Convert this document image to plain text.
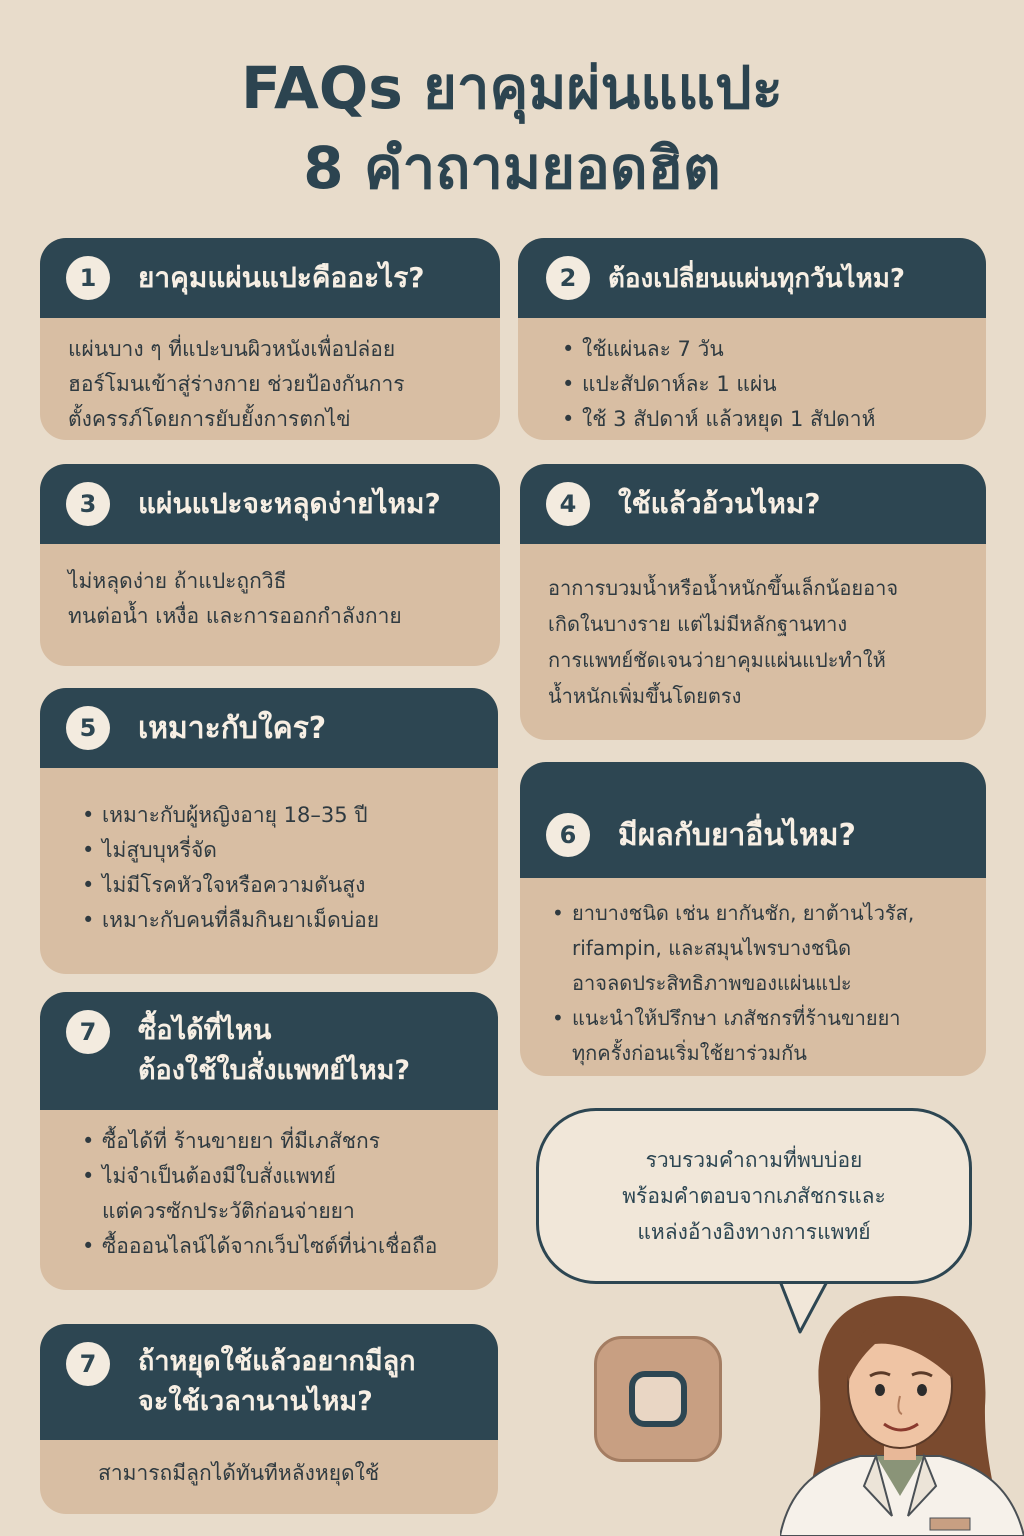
FAQs ยาคุมผ่นแแปะ
8 คำถามยอดฮิต
1	ยาคุมแผ่นแปะคืออะไร?
แผ่นบาง ๆ ที่แปะบนผิวหนังเพื่อปล่อย
ฮอร์โมนเข้าสู่ร่างกาย ช่วยป้องกันการ
ตั้งครรภ์โดยการยับยั้งการตกไข่
2	ต้องเปลี่ยนแผ่นทุกวันไหม?
• ใช้แผ่นละ 7 วัน
• แปะสัปดาห์ละ 1 แผ่น
• ใช้ 3 สัปดาห์ แล้วหยุด 1 สัปดาห์
3	แผ่นแปะจะหลุดง่ายไหม?
ไม่หลุดง่าย ถ้าแปะถูกวิธี
ทนต่อน้ำ เหงื่อ และการออกกำลังกาย
4	ใช้แล้วอ้วนไหม?
อาการบวมน้ำหรือน้ำหนักขึ้นเล็กน้อยอาจ
เกิดในบางราย แต่ไม่มีหลักฐานทาง
การแพทย์ชัดเจนว่ายาคุมแผ่นแปะทำให้
น้ำหนักเพิ่มขึ้นโดยตรง
5	เหมาะกับใคร?
• เหมาะกับผู้หญิงอายุ 18–35 ปี
• ไม่สูบบุหรี่จัด
• ไม่มีโรคหัวใจหรือความดันสูง
• เหมาะกับคนที่ลืมกินยาเม็ดบ่อย
6	มีผลกับยาอื่นไหม?
• ยาบางชนิด เช่น ยากันชัก, ยาต้านไวรัส,
rifampin, และสมุนไพรบางชนิด
อาจลดประสิทธิภาพของแผ่นแปะ
• แนะนำให้ปรึกษา เภสัชกรที่ร้านขายยา
ทุกครั้งก่อนเริ่มใช้ยาร่วมกัน
7	ซื้อได้ที่ไหน
ต้องใช้ใบสั่งแพทย์ไหม?
• ซื้อได้ที่ ร้านขายยา ที่มีเภสัชกร
• ไม่จำเป็นต้องมีใบสั่งแพทย์
แต่ควรซักประวัติก่อนจ่ายยา
• ซื้อออนไลน์ได้จากเว็บไซต์ที่น่าเชื่อถือ
7	ถ้าหยุดใช้แล้วอยากมีลูก
จะใช้เวลานานไหม?
สามารถมีลูกได้ทันทีหลังหยุดใช้
รวบรวมคำถามที่พบบ่อย
พร้อมคำตอบจากเภสัชกรและ
แหล่งอ้างอิงทางการแพทย์
